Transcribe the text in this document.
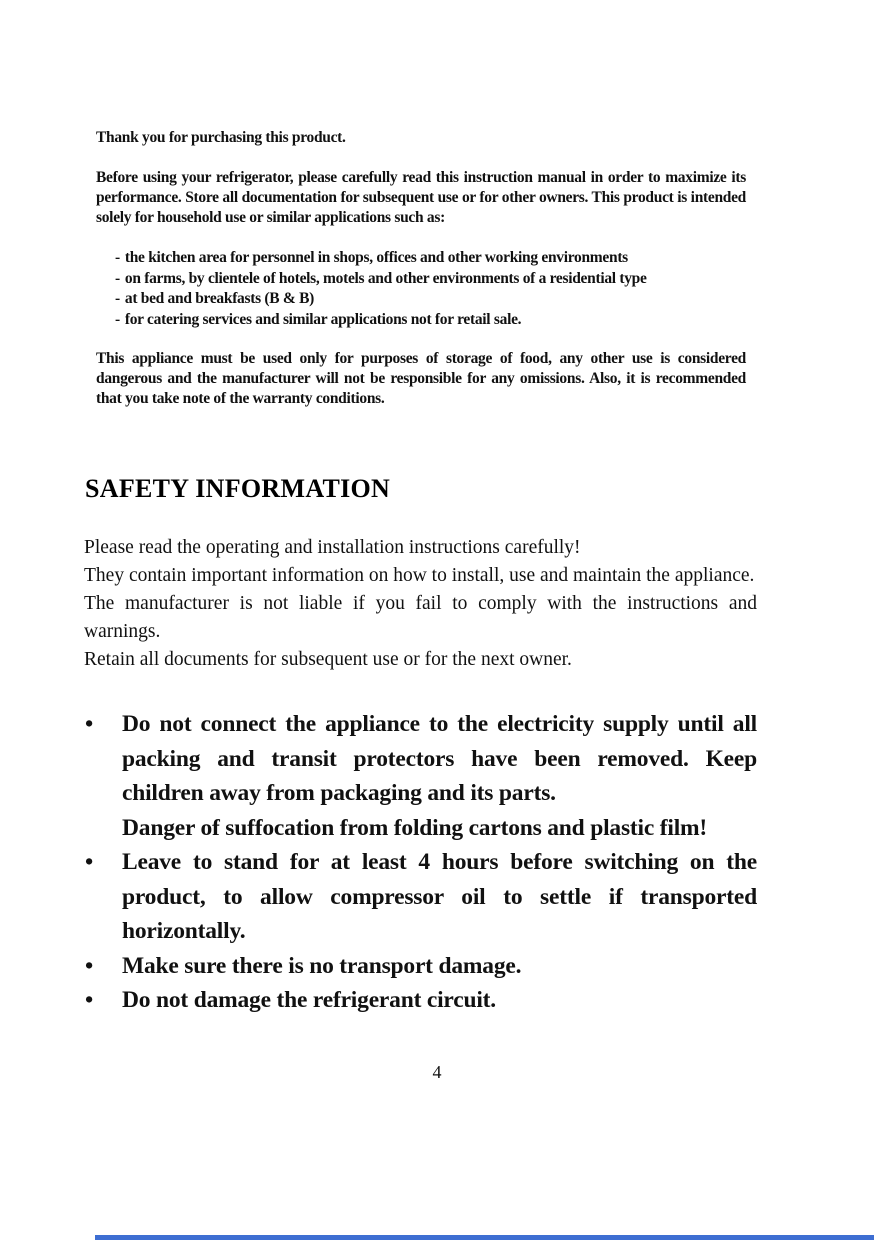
Thank you for purchasing this product.

Before using your refrigerator, please carefully read this instruction manual in order to maximize its performance. Store all documentation for subsequent use or for other owners. This product is intended solely for household use or similar applications such as:

- the kitchen area for personnel in shops, offices and other working environments
- on farms, by clientele of hotels, motels and other environments of a residential type
- at bed and breakfasts (B & B)
- for catering services and similar applications not for retail sale.

This appliance must be used only for purposes of storage of food, any other use is considered dangerous and the manufacturer will not be responsible for any omissions. Also, it is recommended that you take note of the warranty conditions.

SAFETY INFORMATION

Please read the operating and installation instructions carefully!

They contain important information on how to install, use and maintain the appliance.

The manufacturer is not liable if you fail to comply with the instructions and warnings.

Retain all documents for subsequent use or for the next owner.

• Do not connect the appliance to the electricity supply until all packing and transit protectors have been removed. Keep children away from packaging and its parts.

Danger of suffocation from folding cartons and plastic film!

• Leave to stand for at least 4 hours before switching on the product, to allow compressor oil to settle if transported horizontally.

• Make sure there is no transport damage.

• Do not damage the refrigerant circuit.

4
